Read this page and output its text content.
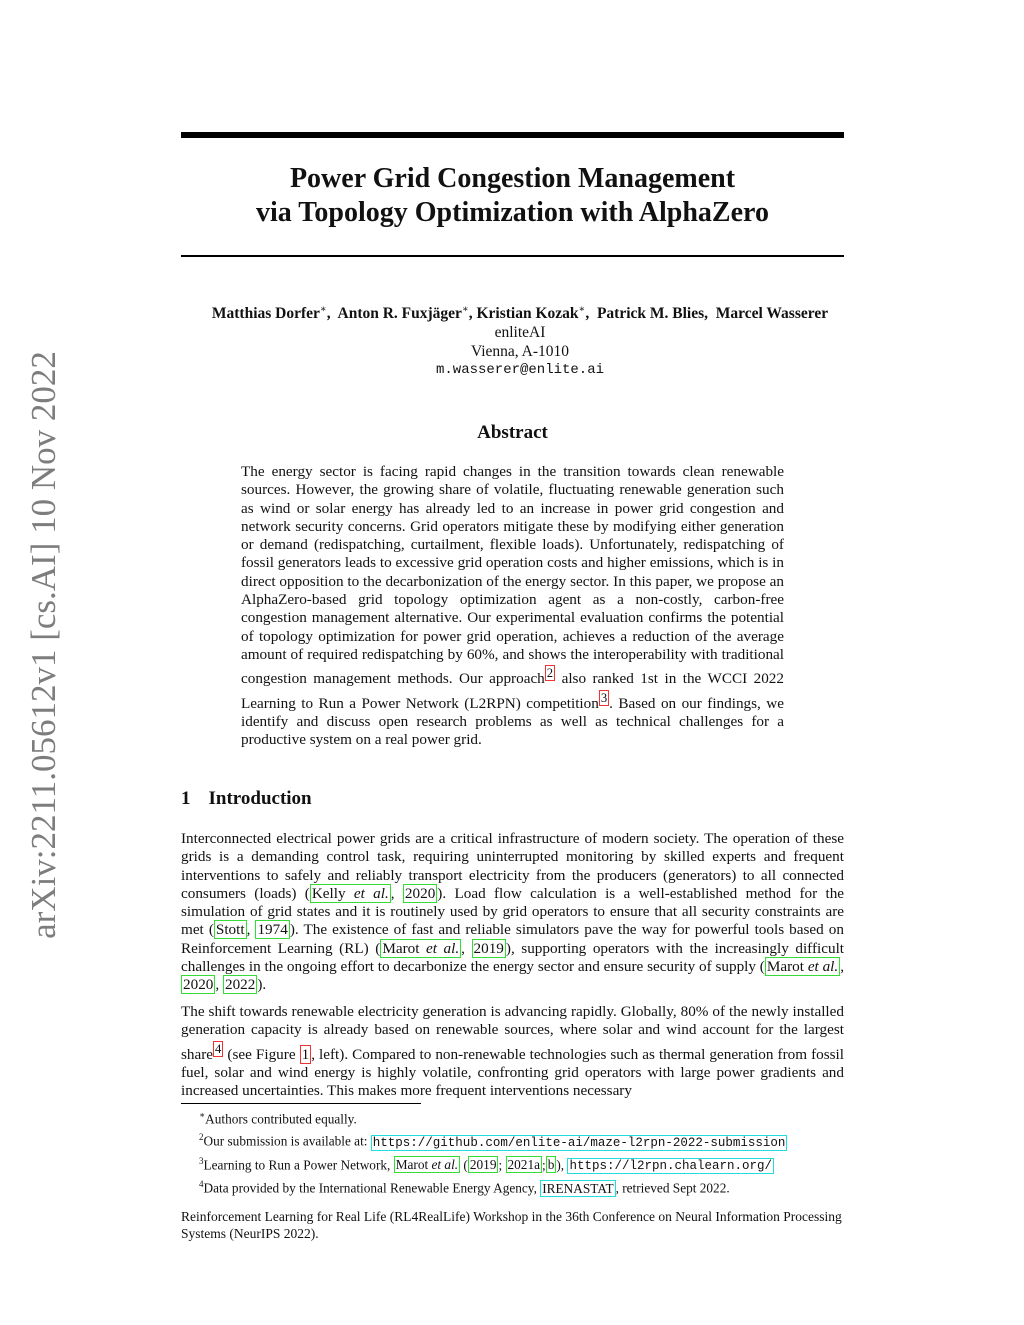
arXiv:2211.05612v1 [cs.AI] 10 Nov 2022
Power Grid Congestion Management
via Topology Optimization with AlphaZero
Matthias Dorfer∗,  Anton R. Fuxjäger∗, Kristian Kozak∗,  Patrick M. Blies,  Marcel Wasserer
enliteAI
Vienna, A-1010
m.wasserer@enlite.ai
Abstract
The energy sector is facing rapid changes in the transition towards clean renewable sources. However, the growing share of volatile, fluctuating renewable generation such as wind or solar energy has already led to an increase in power grid congestion and network security concerns. Grid operators mitigate these by modifying either generation or demand (redispatching, curtailment, flexible loads). Unfortunately, redispatching of fossil generators leads to excessive grid operation costs and higher emissions, which is in direct opposition to the decarbonization of the energy sector. In this paper, we propose an AlphaZero-based grid topology optimization agent as a non-costly, carbon-free congestion management alternative. Our experimental evaluation confirms the potential of topology optimization for power grid operation, achieves a reduction of the average amount of required redispatching by 60%, and shows the interoperability with traditional congestion management methods. Our approach $^2$ also ranked 1st in the WCCI 2022 Learning to Run a Power Network (L2RPN) competition $^3$ . Based on our findings, we identify and discuss open research problems as well as technical challenges for a productive system on a real power grid.
1 Introduction
Interconnected electrical power grids are a critical infrastructure of modern society. The operation of these grids is a demanding control task, requiring uninterrupted monitoring by skilled experts and frequent interventions to safely and reliably transport electricity from the producers (generators) to all connected consumers (loads) ( Kelly et al. , 2020 ). Load flow calculation is a well-established method for the simulation of grid states and it is routinely used by grid operators to ensure that all security constraints are met ( Stott , 1974 ). The existence of fast and reliable simulators pave the way for powerful tools based on Reinforcement Learning (RL) ( Marot et al. , 2019 ), supporting operators with the increasingly difficult challenges in the ongoing effort to decarbonize the energy sector and ensure security of supply ( Marot et al. , 2020 , 2022 ).
The shift towards renewable electricity generation is advancing rapidly. Globally, 80% of the newly installed generation capacity is already based on renewable sources, where solar and wind account for the largest share $^4$ (see Figure 1 , left). Compared to non-renewable technologies such as thermal generation from fossil fuel, solar and wind energy is highly volatile, confronting grid operators with large power gradients and increased uncertainties. This makes more frequent interventions necessary
∗Authors contributed equally.
$^2$Our submission is available at: https://github.com/enlite-ai/maze-l2rpn-2022-submission
$^3$Learning to Run a Power Network, Marot et al. ( 2019 ; 2021a ; b ), https://l2rpn.chalearn.org/
$^4$Data provided by the International Renewable Energy Agency, IRENASTAT , retrieved Sept 2022.
Reinforcement Learning for Real Life (RL4RealLife) Workshop in the 36th Conference on Neural Information Processing Systems (NeurIPS 2022).
